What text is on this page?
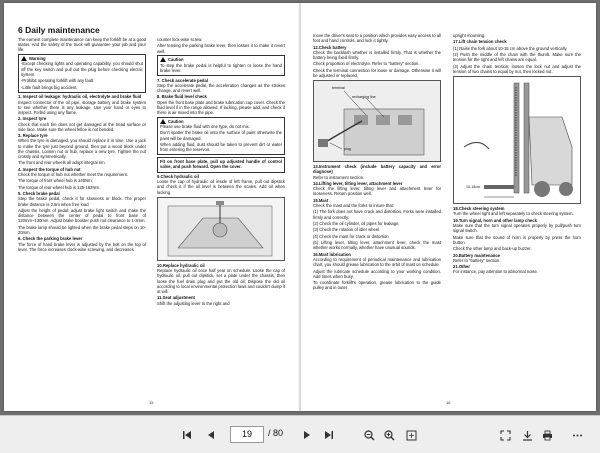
6 Daily maintenance

The earnest complete maintenance can keep the forklift be at a good status. And the safety of the truck will guarantee your job and your life.

Warning

-Except checking lights and operating capability, you should shut off the key switch and pull out the plug before checking electric system.

-Prohibit operating forklift with any fault.

-Little fault brings big accident.

1. Inspect oil leakage: hydraulic oil, electrolyte and brake fluid
Inspect connector of the oil pipe, storage battery and brake system to see whether there is any leakage. Use your hand or eyes to inspect. Forbid using any flame.

2. Inspect tyre
Check that each tire does not get damaged at the tread surface or side face. Make sure the wheel felloe is not bended.

3. Replace tyre
When the tyre is damaged, you should replace it in time. Use a jack to make the tyre just beyond ground, then put a wood block under the chassis. Loosen nut or hub, replace a new tyre. Tighten the nut crossly and symmetrically.

The front and rear wheels all adopt integral rim.

4. Inspect the torque of hub nut
Check the torque of hub nut whether meet the requirement.

The torque of front wheel hub is 140Nm;

The torque of rear wheel hub is 125-162Nm.

5. Check brake pedal
Step the brake pedal, check it for slowness or block. The proper brake distance is 2.5m when free load

Adjust the height of pedal: adjust brake light switch and make the distance between the center of pedal to front base of 120mm~130mm. Adjust brake booster push rod clearance to 1-3mm.

The brake lamp should be lighted when the brake pedal steps on 10-20mm.

6. Check the parking brake lever
The force of hand brake lever is adjusted by the bolt on the top of lever. The force increases clock-wise screwing, and decreases

counter lock-wise screw.

After tensing the parking brake lever, then losses it to make it revert well.

Caution

To step the brake pedal is helpful to tighten or loose the hand brake lever.

7. Check accelerate pedal
Step the accelerate pedal, the acceleration changes as the strokes change, and revert well.

8. Brake fluid level check
Open the front base plate and brake lubrication cap cover. Check the fluid level if in the range allowed. If lacking, please add, and check if there is air mixed into the pipe.

Caution

Please use brake fluid with one type, do not mix.

Don't spatter the brake oil onto the surface of paint otherwise the paint will be damaged.

When adding fluid, dust should be taken to prevent dirt or water from entering the reservoir.

Fit on front base plate, pull up adjusted handle of control valve, and push forward. Open the cover.

9.Check hydraulic oil
Loose the cap of hydraulic oil inside of left frame, pull out dipstick and check it if the oil level is between the scales. Add oil when lacking.

10.Replace hydraulic oil
Replace hydraulic oil once half year on schedule. Loose the cap of hydraulic oil, pull out dipstick, set a plate under the chassis, then loose the fuel drain plug and put the old oil; Dispose the old oil according to local environmental protection laws and couldn't dump it at will.

11.Seat adjustment
Shift the adjusting lever to the right and

15

move the driver's seat to a position which provides easy access to all foot and hand controls, and lock it tightly.

12.Check battery
Check the backlash whether is installed firmly. That is whether the battery being fixed firmly.

Check proportion of electrolyte. Refer to "battery" section.

Check the terminal connection for loose or damage. Otherwise it will be adjusted or replaced.

terminal
recharging line
plug

13.Instrument check (include battery capacity and error diagnose)
Refer to instrument section.

14.Lifting lever, tilting lever, attachment lever
Check the lifting lever, tilting lever and attachment lever for looseness. Return position well.

15.Mast
Check the mast and the forks to insure that:

(1) The fork does not have crack and distortion. Forks were installed firmly and correctly.

(2) Check the oil cylinder, oil pipes for leakage.

(3) Check the rotation of idler wheel

(4) Check the mast for crack or distortion

(5) Lifting lever, tilting lever, attachment lever, check the mast whether works normally, whether have unusual sounds.

16.Mast lubrication
According to requirement of periodical maintenance and lubrication chart, you should grease lubrication to the orbit of mast on schedule.

Adjust the lubricate schedule according to your working condition. Add times when busy.

To coordinate forklift's operation, grease lubrication to the guide pulley and in outer

upright mounting.

17.Lift chain tension check

(1) Raise the fork about 10-15 cm above the ground vertically.

(2) Push the middle of the chain with the thumb. Make sure the tension for the right and left chains are equal.

(3) Adjust the chain tension: loosen the lock nut and adjust the tension of two chains to equal by nut, then locked nut.

10-15cm

18.Check steering system
Turn the wheel right and left separately to check steering system.

19.Turn signal, horn and other lamp check
Make sure that the turn signal operates properly by pull/push turn signal switch.

Make sure that the sound of horn is properly by press the horn button

Check the other lamp and back-up buzzer.

20.Battery maintenance
Refer to "battery" section.

21.Other
For instance, pay attention to abnormal noise.

16
19	/ 80
